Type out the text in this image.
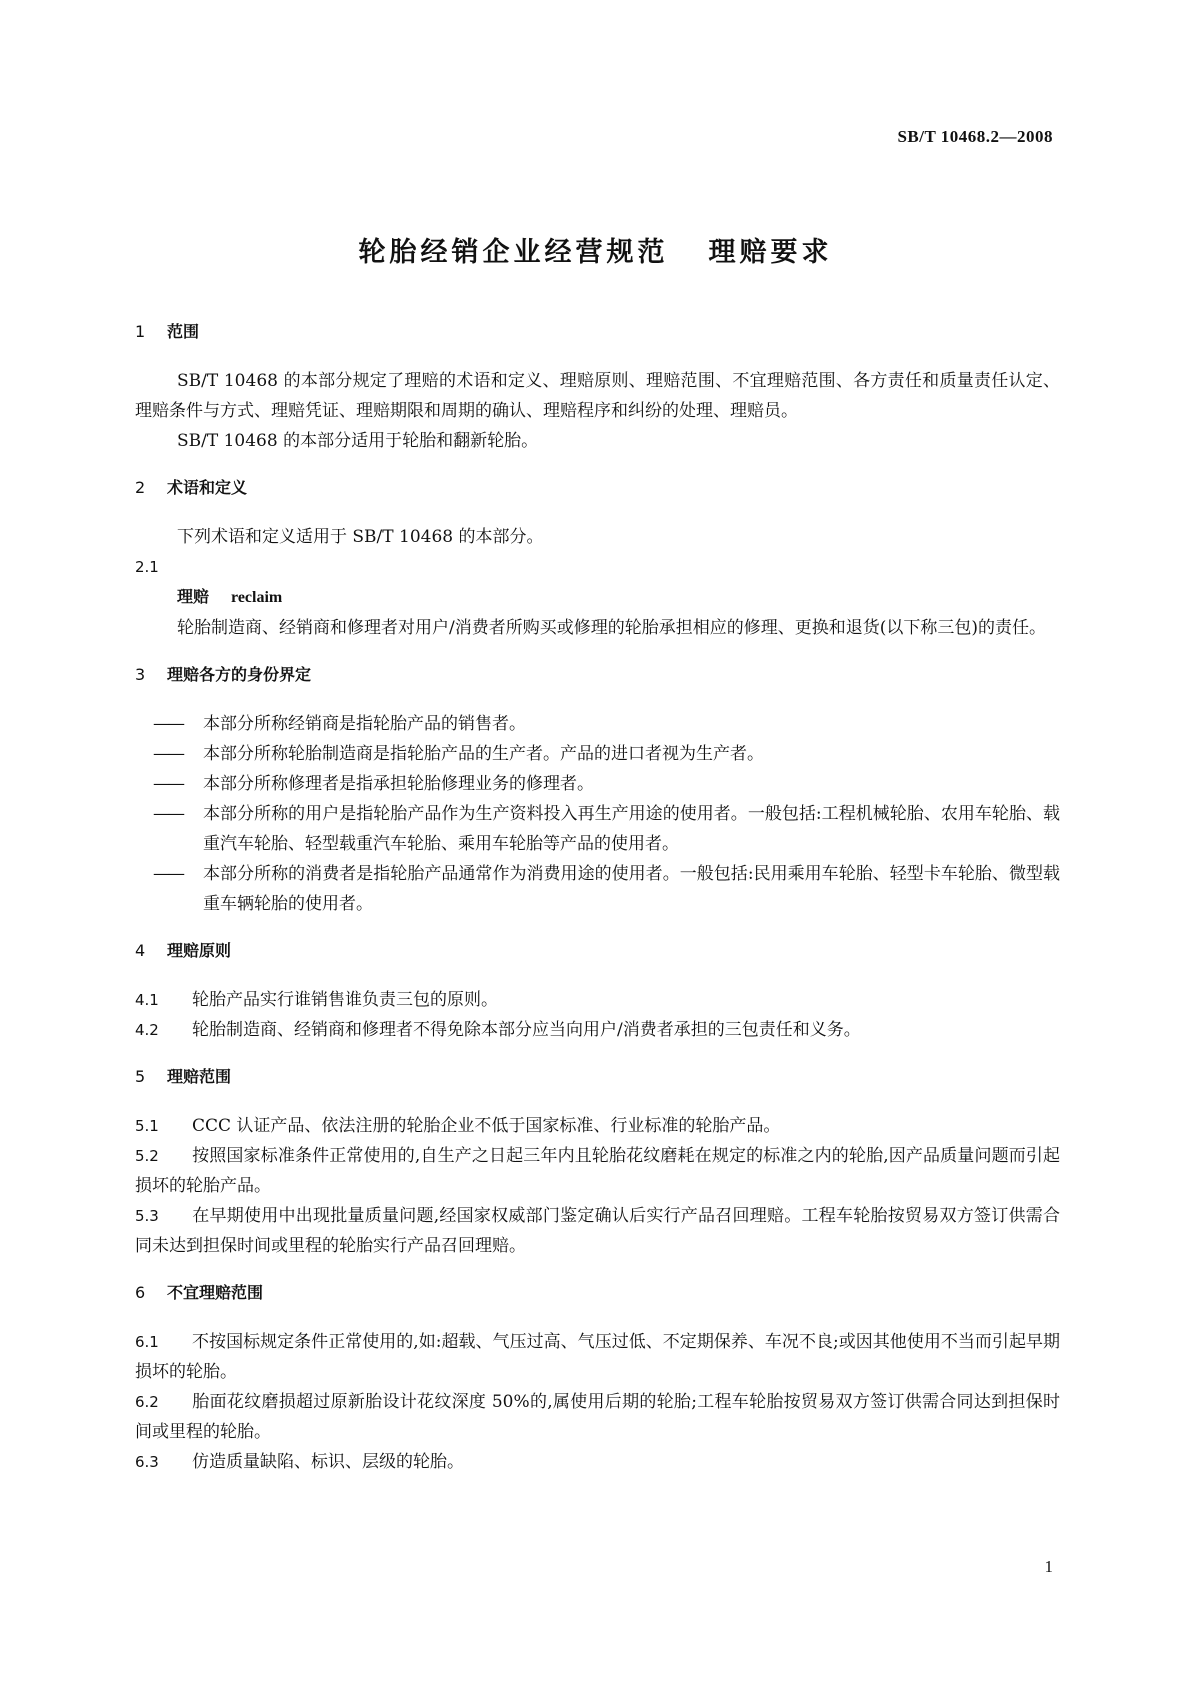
SB/T 10468.2—2008
轮胎经销企业经营规范 理赔要求
1 范围

SB/T 10468 的本部分规定了理赔的术语和定义、理赔原则、理赔范围、不宜理赔范围、各方责任和质量责任认定、理赔条件与方式、理赔凭证、理赔期限和周期的确认、理赔程序和纠纷的处理、理赔员。

SB/T 10468 的本部分适用于轮胎和翻新轮胎。

2 术语和定义

下列术语和定义适用于 SB/T 10468 的本部分。

2.1

理赔 reclaim

轮胎制造商、经销商和修理者对用户/消费者所购买或修理的轮胎承担相应的修理、更换和退货(以下称三包)的责任。

3 理赔各方的身份界定

—— 本部分所称经销商是指轮胎产品的销售者。

—— 本部分所称轮胎制造商是指轮胎产品的生产者。产品的进口者视为生产者。

—— 本部分所称修理者是指承担轮胎修理业务的修理者。

—— 本部分所称的用户是指轮胎产品作为生产资料投入再生产用途的使用者。一般包括:工程机械轮胎、农用车轮胎、载重汽车轮胎、轻型载重汽车轮胎、乘用车轮胎等产品的使用者。

—— 本部分所称的消费者是指轮胎产品通常作为消费用途的使用者。一般包括:民用乘用车轮胎、轻型卡车轮胎、微型载重车辆轮胎的使用者。

4 理赔原则

4.1 轮胎产品实行谁销售谁负责三包的原则。

4.2 轮胎制造商、经销商和修理者不得免除本部分应当向用户/消费者承担的三包责任和义务。

5 理赔范围

5.1 CCC 认证产品、依法注册的轮胎企业不低于国家标准、行业标准的轮胎产品。

5.2 按照国家标准条件正常使用的,自生产之日起三年内且轮胎花纹磨耗在规定的标准之内的轮胎,因产品质量问题而引起损坏的轮胎产品。

5.3 在早期使用中出现批量质量问题,经国家权威部门鉴定确认后实行产品召回理赔。工程车轮胎按贸易双方签订供需合同未达到担保时间或里程的轮胎实行产品召回理赔。

6 不宜理赔范围

6.1 不按国标规定条件正常使用的,如:超载、气压过高、气压过低、不定期保养、车况不良;或因其他使用不当而引起早期损坏的轮胎。

6.2 胎面花纹磨损超过原新胎设计花纹深度 50%的,属使用后期的轮胎;工程车轮胎按贸易双方签订供需合同达到担保时间或里程的轮胎。

6.3 仿造质量缺陷、标识、层级的轮胎。

1
